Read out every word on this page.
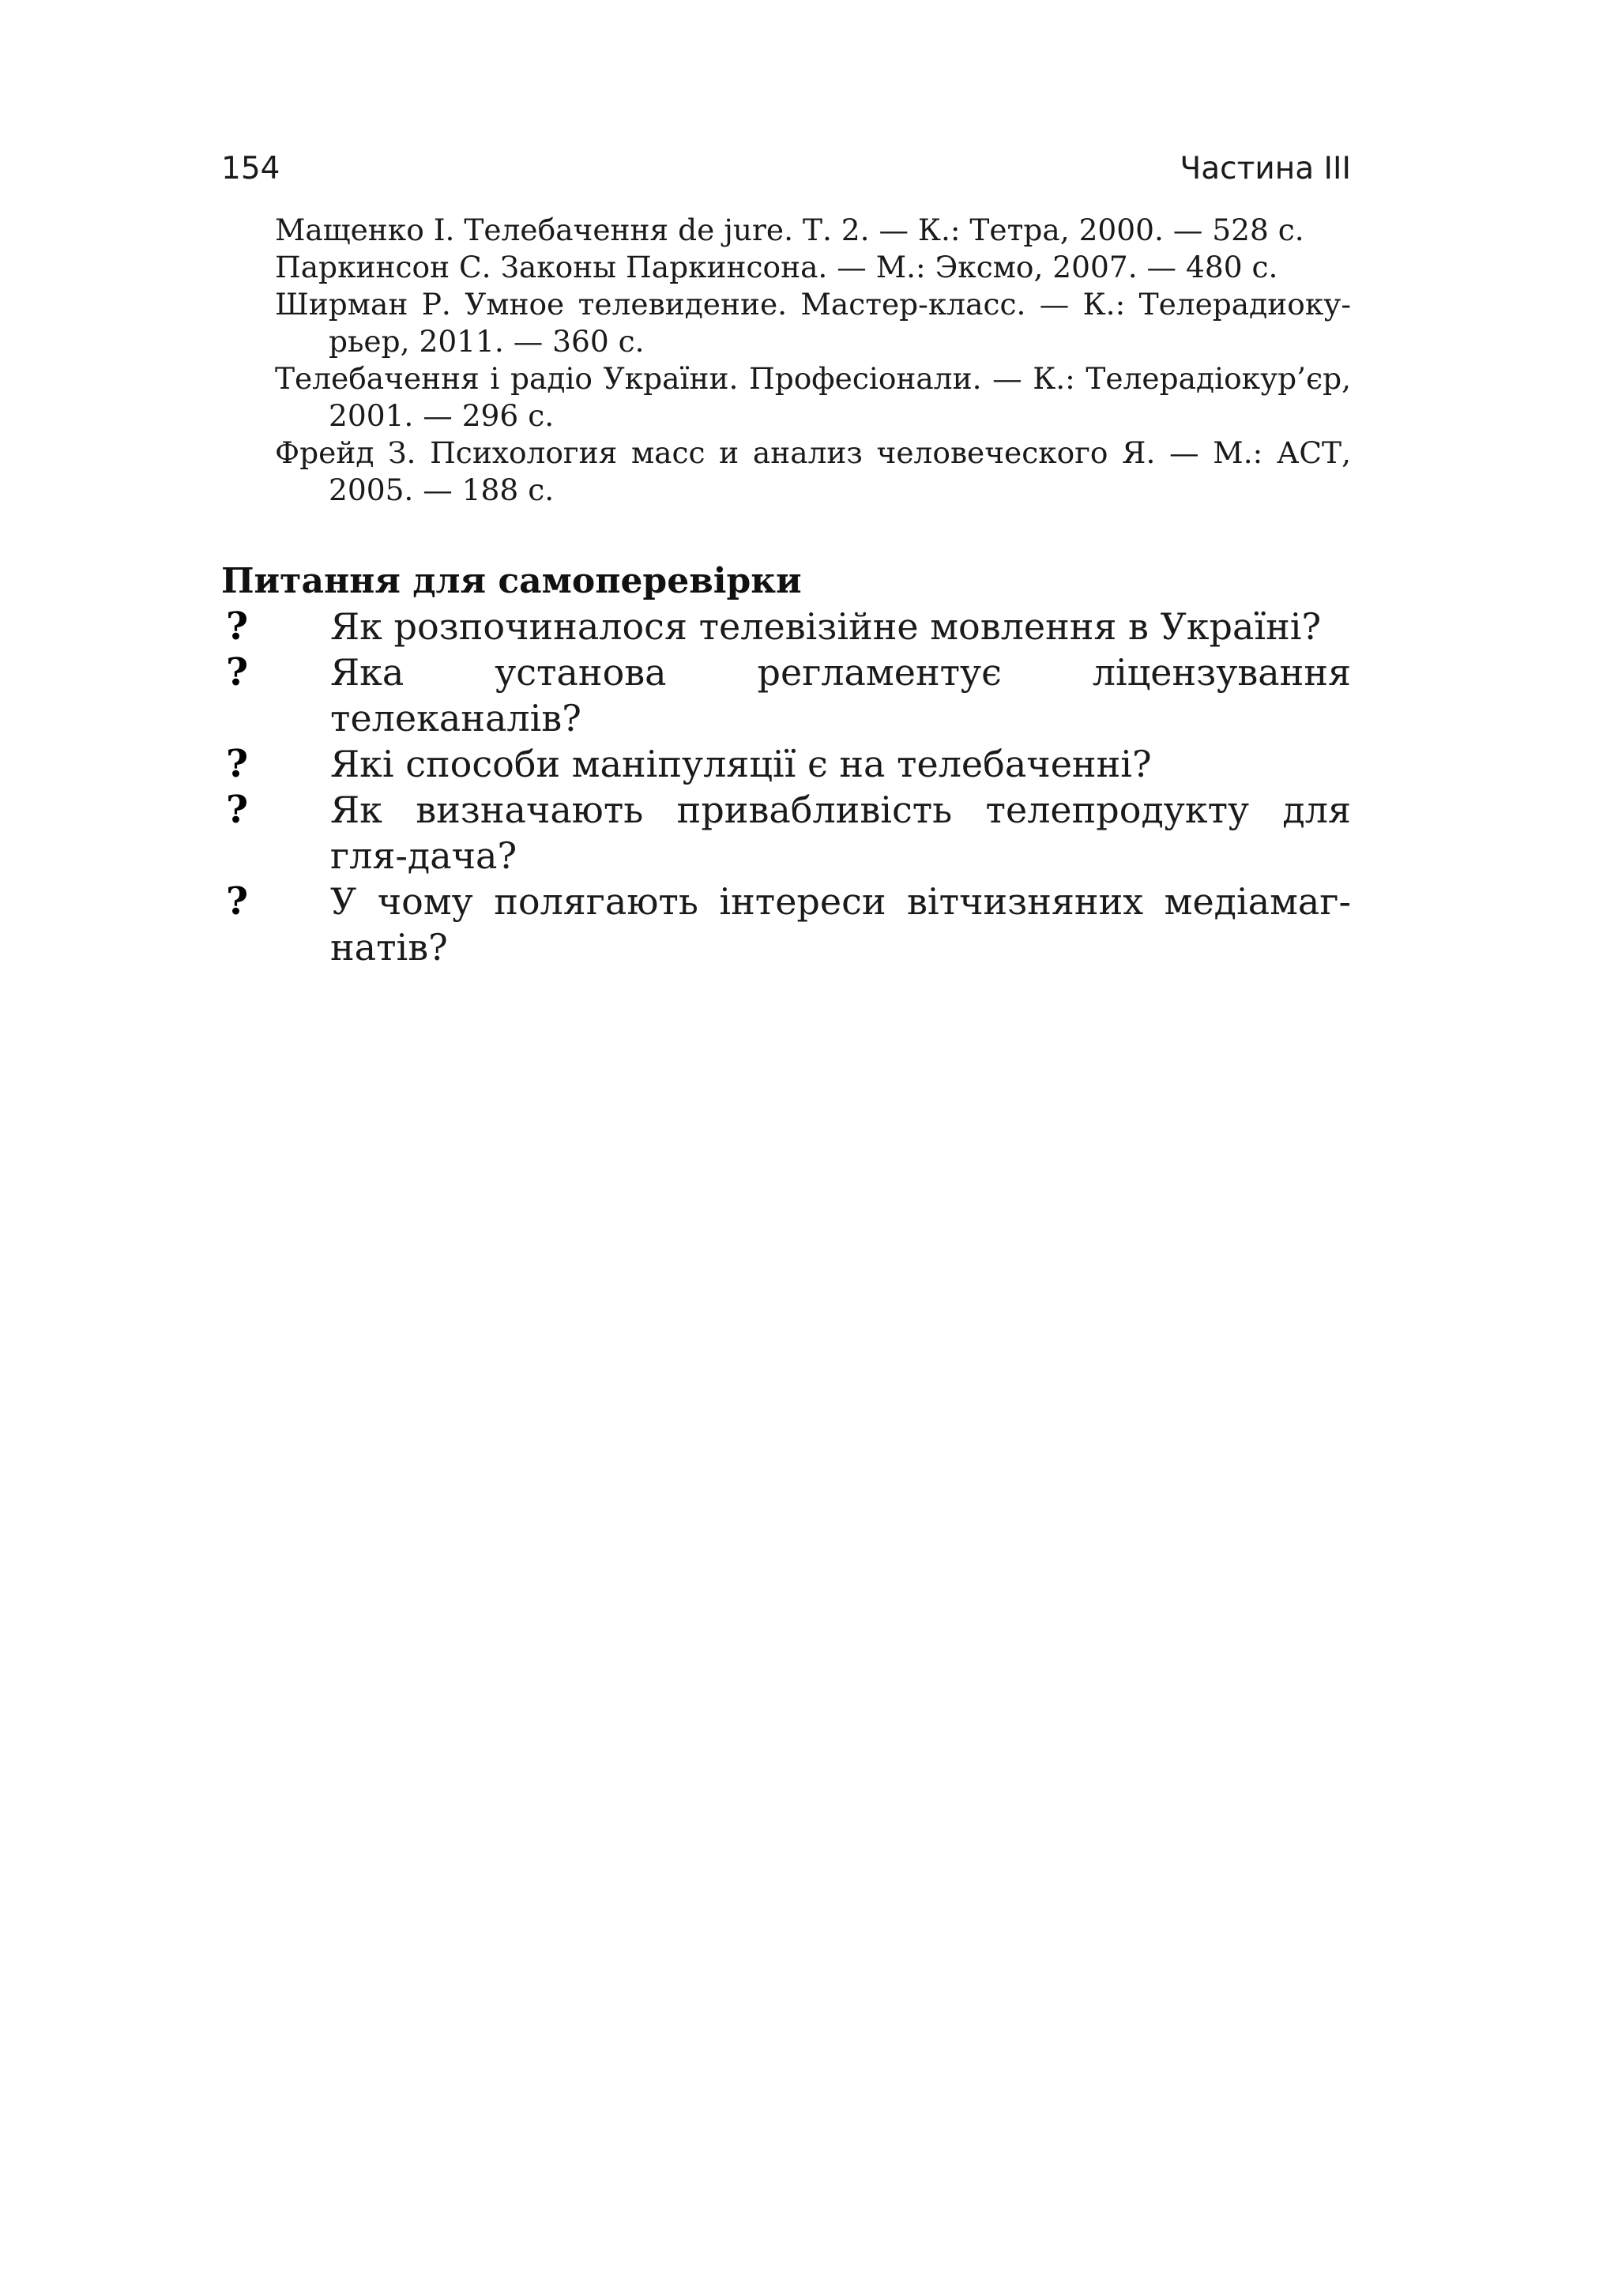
154	Частина III
Мащенко І. Телебачення de jure. Т. 2. — К.: Тетра, 2000. — 528 с.
Паркинсон С. Законы Паркинсона. — М.: Эксмо, 2007. — 480 с.
Ширман Р. Умное телевидение. Мастер-класс. — К.: Телерадиоку-рьер, 2011. — 360 с.
Телебачення і радіо України. Професіонали. — К.: Телерадіокур’єр, 2001. — 296 с.
Фрейд З. Психология масс и анализ человеческого Я. — М.: АСТ, 2005. — 188 с.
Питання для самоперевірки
? Як розпочиналося телевізійне мовлення в Україні?
? Яка установа регламентує ліцензування телеканалів?
? Які способи маніпуляції є на телебаченні?
? Як визначають привабливість телепродукту для гля-дача?
? У чому полягають інтереси вітчизняних медіамаг-натів?
